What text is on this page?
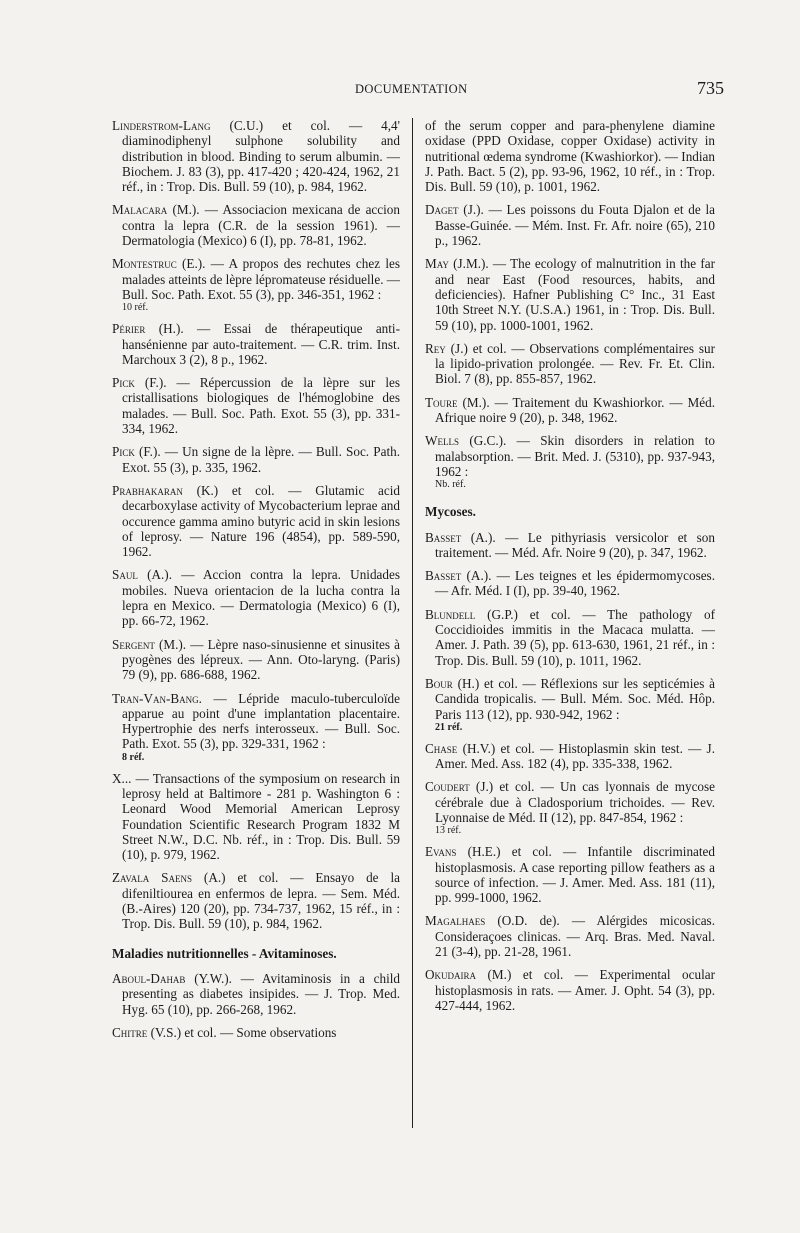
DOCUMENTATION	735
Linderstrom-Lang (C.U.) et col. — 4,4' diaminodiphenyl sulphone solubility and distribution in blood. Binding to serum albumin. — Biochem. J. 83 (3), pp. 417-420 ; 420-424, 1962, 21 réf., in : Trop. Dis. Bull. 59 (10), p. 984, 1962.
Malacara (M.). — Associacion mexicana de accion contra la lepra (C.R. de la session 1961). — Dermatologia (Mexico) 6 (I), pp. 78-81, 1962.
Montestruc (E.). — A propos des rechutes chez les malades atteints de lèpre lépromateuse résiduelle. — Bull. Soc. Path. Exot. 55 (3), pp. 346-351, 1962 :
10 réf.
Périer (H.). — Essai de thérapeutique anti-hansénienne par auto-traitement. — C.R. trim. Inst. Marchoux 3 (2), 8 p., 1962.
Pick (F.). — Répercussion de la lèpre sur les cristallisations biologiques de l'hémoglobine des malades. — Bull. Soc. Path. Exot. 55 (3), pp. 331-334, 1962.
Pick (F.). — Un signe de la lèpre. — Bull. Soc. Path. Exot. 55 (3), p. 335, 1962.
Prabhakaran (K.) et col. — Glutamic acid decarboxylase activity of Mycobacterium leprae and occurence gamma amino butyric acid in skin lesions of leprosy. — Nature 196 (4854), pp. 589-590, 1962.
Saul (A.). — Accion contra la lepra. Unidades mobiles. Nueva orientacion de la lucha contra la lepra en Mexico. — Dermatologia (Mexico) 6 (I), pp. 66-72, 1962.
Sergent (M.). — Lèpre naso-sinusienne et sinusites à pyogènes des lépreux. — Ann. Oto-laryng. (Paris) 79 (9), pp. 686-688, 1962.
Tran-Van-Bang. — Lépride maculo-tuberculoïde apparue au point d'une implantation placentaire. Hypertrophie des nerfs interosseux. — Bull. Soc. Path. Exot. 55 (3), pp. 329-331, 1962 :
8 réf.
X... — Transactions of the symposium on research in leprosy held at Baltimore - 281 p. Washington 6 : Leonard Wood Memorial American Leprosy Foundation Scientific Research Program 1832 M Street N.W., D.C. Nb. réf., in : Trop. Dis. Bull. 59 (10), p. 979, 1962.
Zavala Saens (A.) et col. — Ensayo de la difeniltiourea en enfermos de lepra. — Sem. Méd. (B.-Aires) 120 (20), pp. 734-737, 1962, 15 réf., in : Trop. Dis. Bull. 59 (10), p. 984, 1962.
Maladies nutritionnelles - Avitaminoses.
Aboul-Dahab (Y.W.). — Avitaminosis in a child presenting as diabetes insipides. — J. Trop. Med. Hyg. 65 (10), pp. 266-268, 1962.
Chitre (V.S.) et col. — Some observations
of the serum copper and para-phenylene diamine oxidase (PPD Oxidase, copper Oxidase) activity in nutritional œdema syndrome (Kwashiorkor). — Indian J. Path. Bact. 5 (2), pp. 93-96, 1962, 10 réf., in : Trop. Dis. Bull. 59 (10), p. 1001, 1962.
Daget (J.). — Les poissons du Fouta Djalon et de la Basse-Guinée. — Mém. Inst. Fr. Afr. noire (65), 210 p., 1962.
May (J.M.). — The ecology of malnutrition in the far and near East (Food resources, habits, and deficiencies). Hafner Publishing C° Inc., 31 East 10th Street N.Y. (U.S.A.) 1961, in : Trop. Dis. Bull. 59 (10), pp. 1000-1001, 1962.
Rey (J.) et col. — Observations complémentaires sur la lipido-privation prolongée. — Rev. Fr. Et. Clin. Biol. 7 (8), pp. 855-857, 1962.
Toure (M.). — Traitement du Kwashiorkor. — Méd. Afrique noire 9 (20), p. 348, 1962.
Wells (G.C.). — Skin disorders in relation to malabsorption. — Brit. Med. J. (5310), pp. 937-943, 1962 :
Nb. réf.
Mycoses.
Basset (A.). — Le pithyriasis versicolor et son traitement. — Méd. Afr. Noire 9 (20), p. 347, 1962.
Basset (A.). — Les teignes et les épidermomycoses. — Afr. Méd. I (I), pp. 39-40, 1962.
Blundell (G.P.) et col. — The pathology of Coccidioides immitis in the Macaca mulatta. — Amer. J. Path. 39 (5), pp. 613-630, 1961, 21 réf., in : Trop. Dis. Bull. 59 (10), p. 1011, 1962.
Bour (H.) et col. — Réflexions sur les septicémies à Candida tropicalis. — Bull. Mém. Soc. Méd. Hôp. Paris 113 (12), pp. 930-942, 1962 :
21 réf.
Chase (H.V.) et col. — Histoplasmin skin test. — J. Amer. Med. Ass. 182 (4), pp. 335-338, 1962.
Coudert (J.) et col. — Un cas lyonnais de mycose cérébrale due à Cladosporium trichoides. — Rev. Lyonnaise de Méd. II (12), pp. 847-854, 1962 :
13 réf.
Evans (H.E.) et col. — Infantile discriminated histoplasmosis. A case reporting pillow feathers as a source of infection. — J. Amer. Med. Ass. 181 (11), pp. 999-1000, 1962.
Magalhaes (O.D. de). — Alérgides micosicas. Consideraçoes clinicas. — Arq. Bras. Med. Naval. 21 (3-4), pp. 21-28, 1961.
Okudaira (M.) et col. — Experimental ocular histoplasmosis in rats. — Amer. J. Opht. 54 (3), pp. 427-444, 1962.
